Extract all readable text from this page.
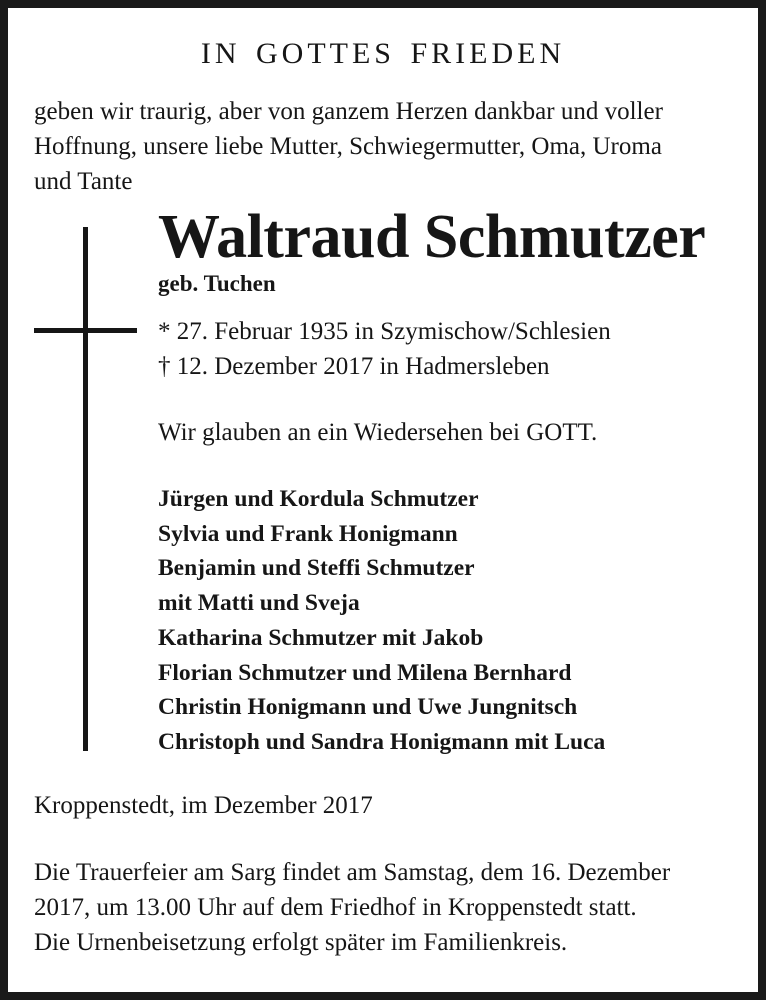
IN GOTTES FRIEDEN
geben wir traurig, aber von ganzem Herzen dankbar und voller
Hoffnung, unsere liebe Mutter, Schwiegermutter, Oma, Uroma
und Tante
Waltraud Schmutzer
geb. Tuchen
* 27. Februar 1935 in Szymischow/Schlesien
† 12. Dezember 2017 in Hadmersleben
Wir glauben an ein Wiedersehen bei GOTT.
Jürgen und Kordula Schmutzer
Sylvia und Frank Honigmann
Benjamin und Steffi Schmutzer
mit Matti und Sveja
Katharina Schmutzer mit Jakob
Florian Schmutzer und Milena Bernhard
Christin Honigmann und Uwe Jungnitsch
Christoph und Sandra Honigmann mit Luca
Kroppenstedt, im Dezember 2017
Die Trauerfeier am Sarg findet am Samstag, dem 16. Dezember
2017, um 13.00 Uhr auf dem Friedhof in Kroppenstedt statt.
Die Urnenbeisetzung erfolgt später im Familienkreis.
